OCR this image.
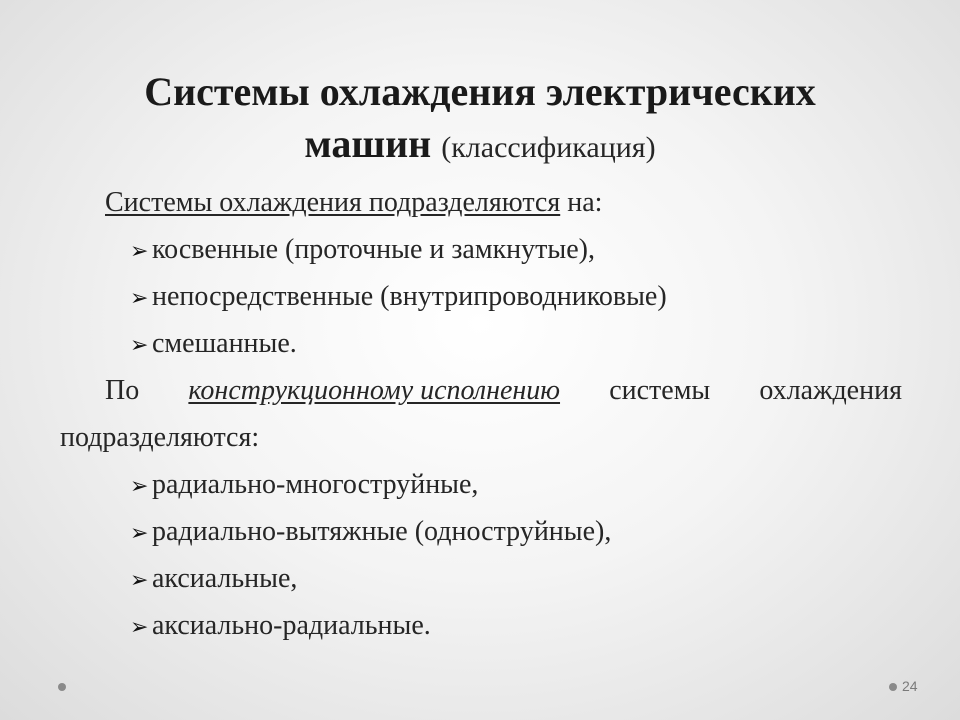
Системы охлаждения электрических
машин (классификация)
Системы охлаждения подразделяются на:
➢ косвенные (проточные и замкнутые),
➢ непосредственные (внутрипроводниковые)
➢ смешанные.
По конструкционному исполнению системы охлаждения
подразделяются:
➢ радиально-многоструйные,
➢ радиально-вытяжные (одноструйные),
➢ аксиальные,
➢ аксиально-радиальные.
24
